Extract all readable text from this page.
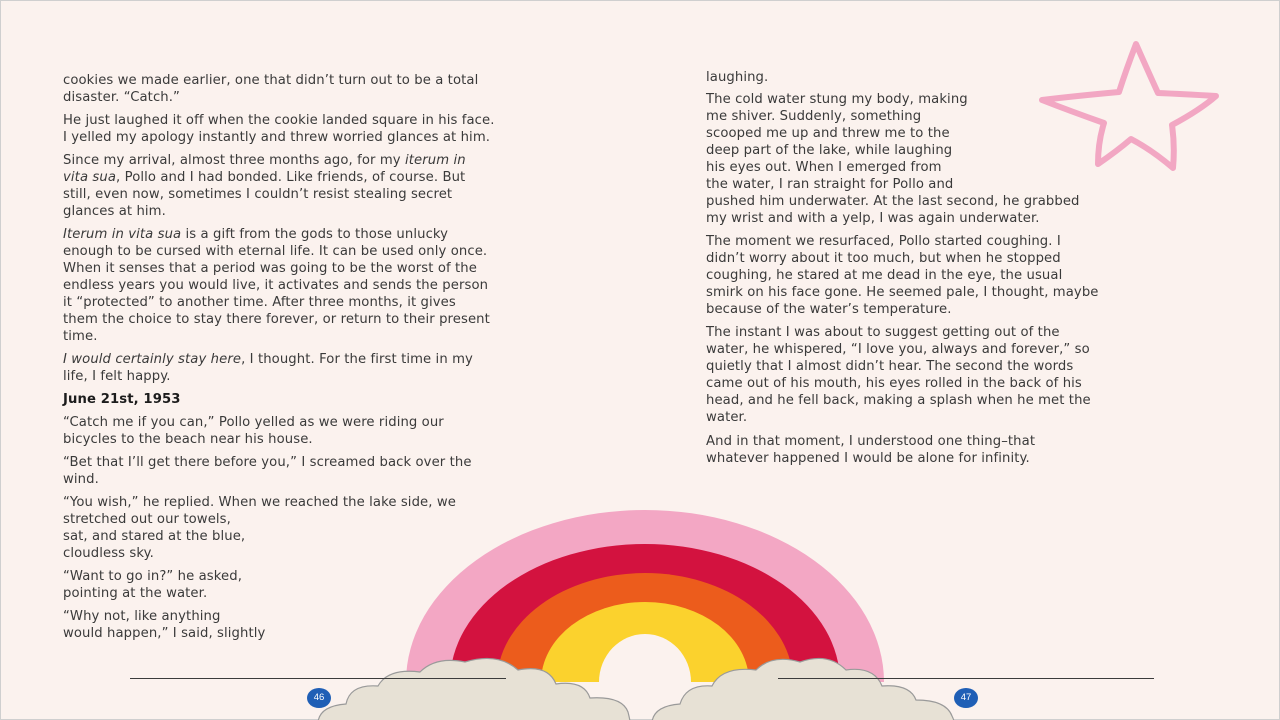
46	47
cookies we made earlier, one that didn’t turn out to be a total
disaster. “Catch.”
He just laughed it off when the cookie landed square in his face.
I yelled my apology instantly and threw worried glances at him.
Since my arrival, almost three months ago, for my iterum in
vita sua, Pollo and I had bonded. Like friends, of course. But
still, even now, sometimes I couldn’t resist stealing secret
glances at him.
Iterum in vita sua is a gift from the gods to those unlucky
enough to be cursed with eternal life. It can be used only once.
When it senses that a period was going to be the worst of the
endless years you would live, it activates and sends the person
it “protected” to another time. After three months, it gives
them the choice to stay there forever, or return to their present
time.
I would certainly stay here, I thought. For the first time in my
life, I felt happy.
June 21st, 1953
“Catch me if you can,” Pollo yelled as we were riding our
bicycles to the beach near his house.
“Bet that I’ll get there before you,” I screamed back over the
wind.
“You wish,” he replied. When we reached the lake side, we
stretched out our towels,
sat, and stared at the blue,
cloudless sky.
“Want to go in?” he asked,
pointing at the water.
“Why not, like anything
would happen,” I said, slightly
laughing.
The cold water stung my body, making
me shiver. Suddenly, something
scooped me up and threw me to the
deep part of the lake, while laughing
his eyes out. When I emerged from
the water, I ran straight for Pollo and
pushed him underwater. At the last second, he grabbed
my wrist and with a yelp, I was again underwater.
The moment we resurfaced, Pollo started coughing. I
didn’t worry about it too much, but when he stopped
coughing, he stared at me dead in the eye, the usual
smirk on his face gone. He seemed pale, I thought, maybe
because of the water’s temperature.
The instant I was about to suggest getting out of the
water, he whispered, “I love you, always and forever,” so
quietly that I almost didn’t hear. The second the words
came out of his mouth, his eyes rolled in the back of his
head, and he fell back, making a splash when he met the
water.
And in that moment, I understood one thing–that
whatever happened I would be alone for infinity.
